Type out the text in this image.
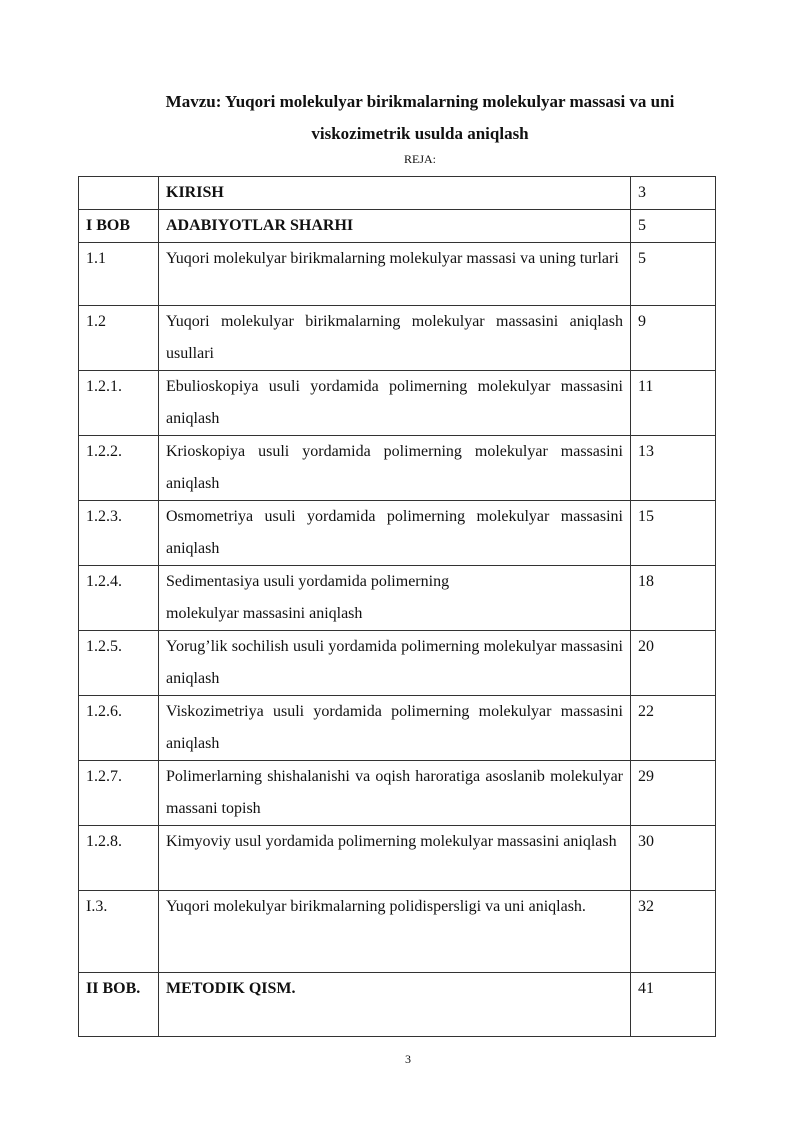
Mavzu: Yuqori molekulyar birikmalarning molekulyar massasi va uni
viskozimetrik usulda aniqlash
REJA:
	KIRISH	3
I BOB	ADABIYOTLAR SHARHI	5
1.1	Yuqori molekulyar birikmalarning molekulyar massasi va uning turlari	5
1.2	Yuqori molekulyar birikmalarning molekulyar massasini aniqlash usullari	9
1.2.1.	Ebulioskopiya usuli yordamida polimerning molekulyar massasini aniqlash	11
1.2.2.	Krioskopiya usuli yordamida polimerning molekulyar massasini aniqlash	13
1.2.3.	Osmometriya usuli yordamida polimerning molekulyar massasini aniqlash	15
1.2.4.	Sedimentasiya usuli yordamida polimerning
molekulyar massasini aniqlash	18
1.2.5.	Yorug’lik sochilish usuli yordamida polimerning molekulyar massasini aniqlash	20
1.2.6.	Viskozimetriya usuli yordamida polimerning molekulyar massasini aniqlash	22
1.2.7.	Polimerlarning shishalanishi va oqish haroratiga asoslanib molekulyar massani topish	29
1.2.8.	Kimyoviy usul yordamida polimerning molekulyar massasini aniqlash	30
I.3.	Yuqori molekulyar birikmalarning polidispersligi va uni aniqlash.	32
II BOB.	METODIK QISM.	41
3
